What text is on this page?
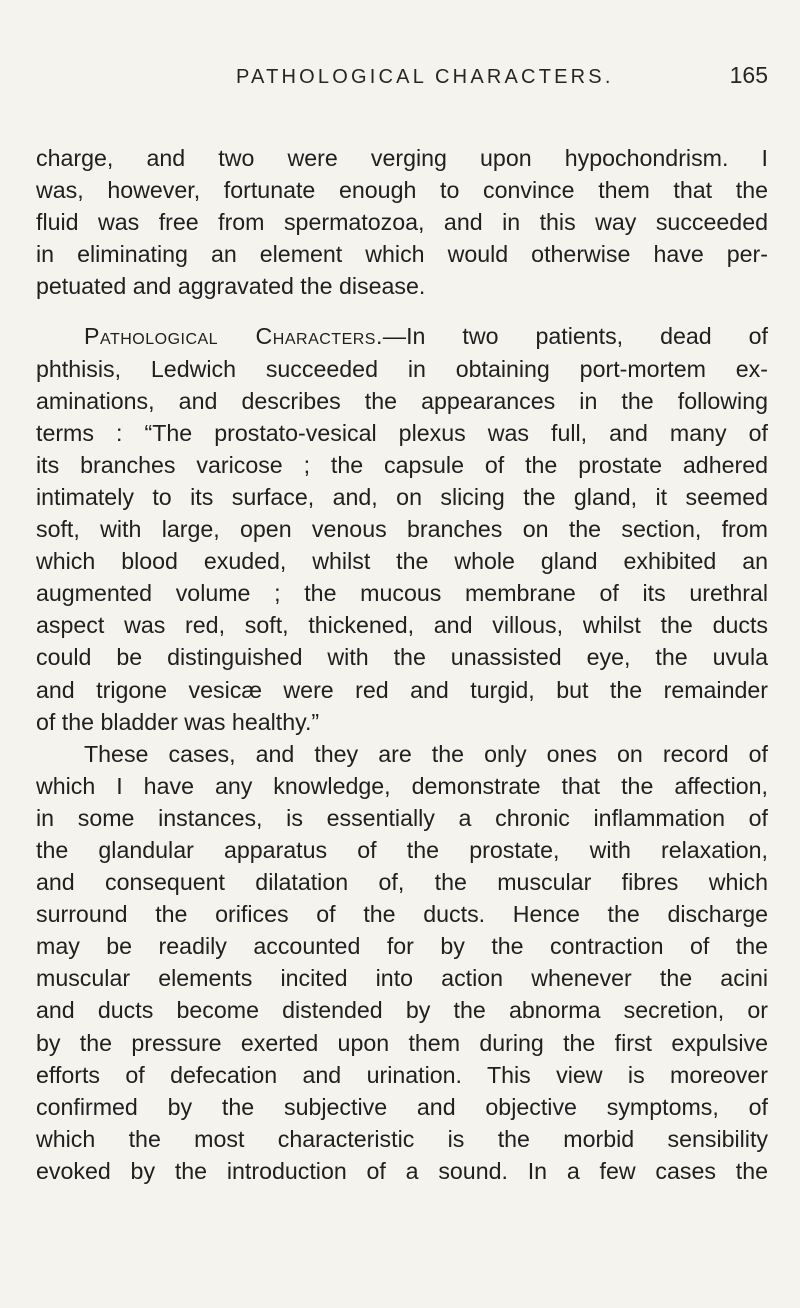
PATHOLOGICAL CHARACTERS.	165
charge, and two were verging upon hypochondrism. I
was, however, fortunate enough to convince them that the
fluid was free from spermatozoa, and in this way succeeded
in eliminating an element which would otherwise have per-
petuated and aggravated the disease.
Pathological Characters.—In two patients, dead of
phthisis, Ledwich succeeded in obtaining port-mortem ex-
aminations, and describes the appearances in the following
terms : “The prostato-vesical plexus was full, and many of
its branches varicose ; the capsule of the prostate adhered
intimately to its surface, and, on slicing the gland, it seemed
soft, with large, open venous branches on the section, from
which blood exuded, whilst the whole gland exhibited an
augmented volume ; the mucous membrane of its urethral
aspect was red, soft, thickened, and villous, whilst the ducts
could be distinguished with the unassisted eye, the uvula
and trigone vesicæ were red and turgid, but the remainder
of the bladder was healthy.”
These cases, and they are the only ones on record of
which I have any knowledge, demonstrate that the affection,
in some instances, is essentially a chronic inflammation of
the glandular apparatus of the prostate, with relaxation,
and consequent dilatation of, the muscular fibres which
surround the orifices of the ducts. Hence the discharge
may be readily accounted for by the contraction of the
muscular elements incited into action whenever the acini
and ducts become distended by the abnorma secretion, or
by the pressure exerted upon them during the first expulsive
efforts of defecation and urination. This view is moreover
confirmed by the subjective and objective symptoms, of
which the most characteristic is the morbid sensibility
evoked by the introduction of a sound. In a few cases the
